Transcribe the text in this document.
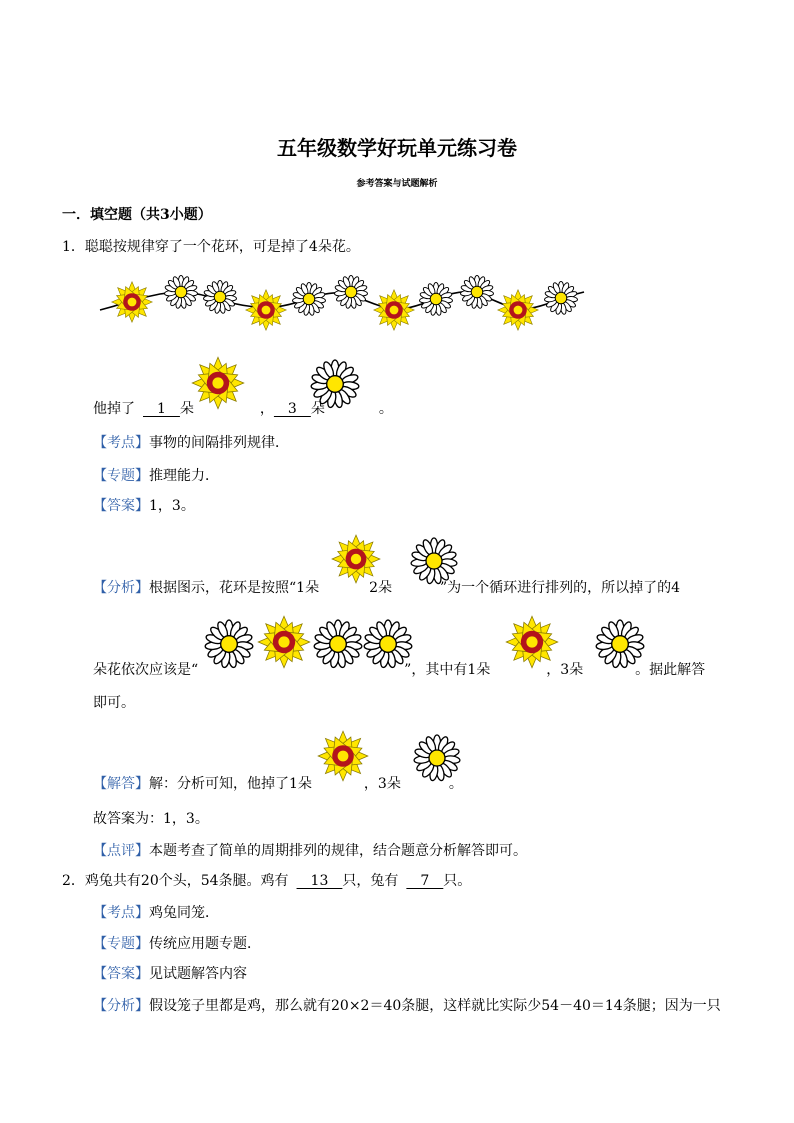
五年级数学好玩单元练习卷
参考答案与试题解析
一．填空题（共3小题）
1．聪聪按规律穿了一个花环，可是掉了4朵花。
他掉了　1　朵	，　3　朵	。
【考点】事物的间隔排列规律．
【专题】推理能力．
【答案】1，3。
【分析】根据图示，花环是按照“1朵	2朵	”为一个循环进行排列的，所以掉了的4
朵花依次应该是“	”，其中有1朵	，3朵	。据此解答
即可。
【解答】解：分析可知，他掉了1朵	，3朵	。
故答案为：1，3。
【点评】本题考查了简单的周期排列的规律，结合题意分析解答即可。
2．鸡兔共有20个头，54条腿。鸡有　13　只，兔有　7　只。
【考点】鸡兔同笼．
【专题】传统应用题专题．
【答案】见试题解答内容
【分析】假设笼子里都是鸡，那么就有20×2＝40条腿，这样就比实际少54－40＝14条腿；因为一只
